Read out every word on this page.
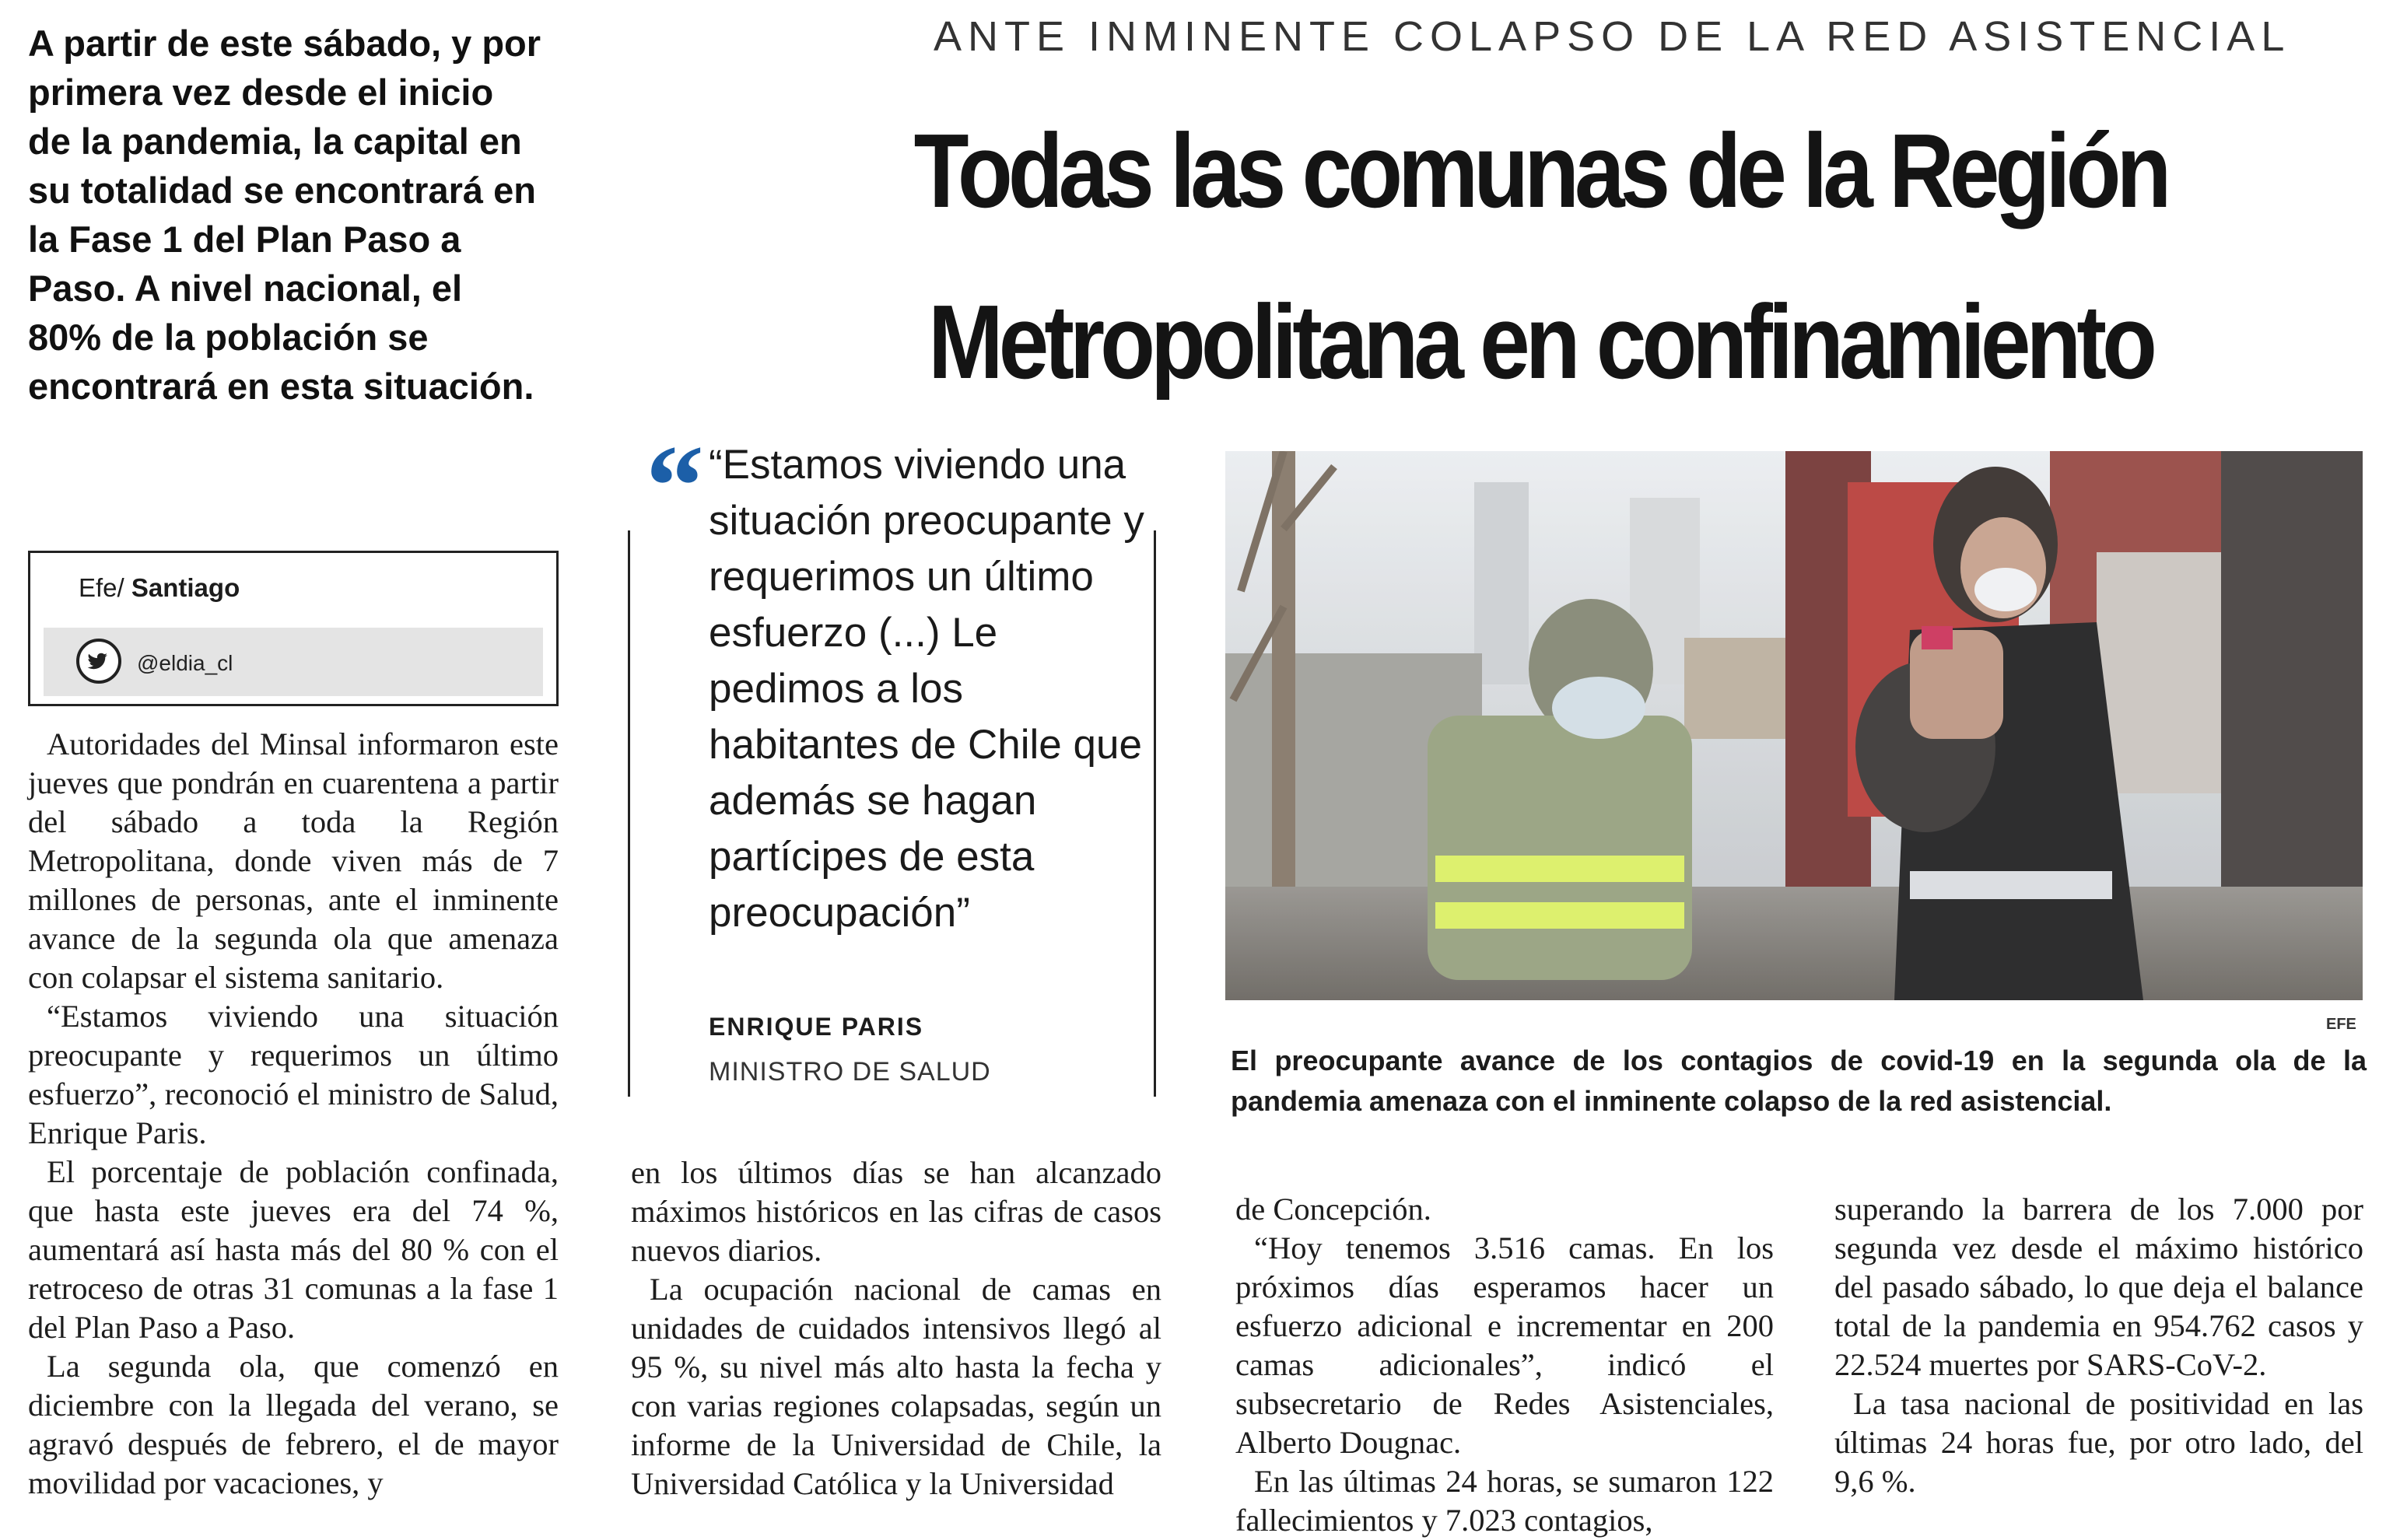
A partir de este sábado, y por primera vez desde el inicio de la pandemia, la capital en su totalidad se encontrará en la Fase 1 del Plan Paso a Paso. A nivel nacional, el 80% de la población se encontrará en esta situación.
ANTE INMINENTE COLAPSO DE LA RED ASISTENCIAL
Todas las comunas de la Región
Metropolitana en confinamiento
Efe/ Santiago
@eldia_cl

Autoridades del Minsal informaron este jueves que pondrán en cuarentena a partir del sábado a toda la Región Metropolitana, donde viven más de 7 millones de personas, ante el inminente avance de la segunda ola que amenaza con colapsar el sistema sanitario.

“Estamos viviendo una situación preocupante y requerimos un último esfuerzo”, reconoció el ministro de Salud, Enrique Paris.

El porcentaje de población confinada, que hasta este jueves era del 74 %, aumentará así hasta más del 80 % con el retroceso de otras 31 comunas a la fase 1 del Plan Paso a Paso.

La segunda ola, que comenzó en diciembre con la llegada del verano, se agravó después de febrero, el de mayor movilidad por vacaciones, y

“ “Estamos viviendo una situación preocupante y requerimos un último esfuerzo (...) Le pedimos a los habitantes de Chile que además se hagan partícipes de esta preocupación”
ENRIQUE PARIS
MINISTRO DE SALUD
EFE
El preocupante avance de los contagios de covid-19 en la segunda ola de la pandemia amenaza con el inminente colapso de la red asistencial.

en los últimos días se han alcanzado máximos históricos en las cifras de casos nuevos diarios.

La ocupación nacional de camas en unidades de cuidados intensivos llegó al 95 %, su nivel más alto hasta la fecha y con varias regiones colapsadas, según un informe de la Universidad de Chile, la Universidad Católica y la Universidad

de Concepción.

“Hoy tenemos 3.516 camas. En los próximos días esperamos hacer un esfuerzo adicional e incrementar en 200 camas adicionales”, indicó el subsecretario de Redes Asistenciales, Alberto Dougnac.

En las últimas 24 horas, se sumaron 122 fallecimientos y 7.023 contagios,

superando la barrera de los 7.000 por segunda vez desde el máximo histórico del pasado sábado, lo que deja el balance total de la pandemia en 954.762 casos y 22.524 muertes por SARS-CoV-2.

La tasa nacional de positividad en las últimas 24 horas fue, por otro lado, del 9,6 %.
